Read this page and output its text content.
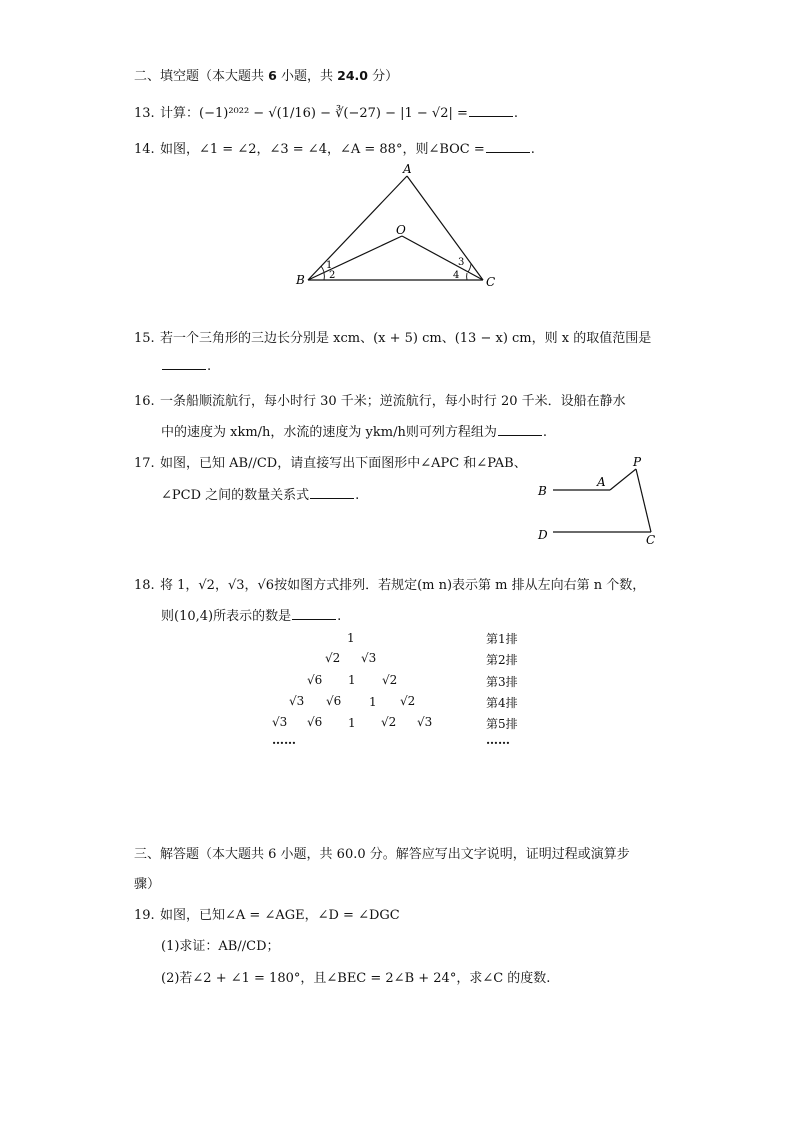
二、填空题（本大题共 6 小题，共 24.0 分）
13. 计算：(−1)²⁰²² − √(1/16) − ∛(−27) − |1 − √2| =	.
14. 如图，∠1 = ∠2，∠3 = ∠4，∠A = 88°，则∠BOC =	.
A
O
B	C
1
2
3
4
15. 若一个三角形的三边长分别是 xcm、(x + 5) cm、(13 − x) cm，则 x 的取值范围是
.
16. 一条船顺流航行，每小时行 30 千米；逆流航行，每小时行 20 千米．设船在静水
中的速度为 xkm/h，水流的速度为 ykm/h则可列方程组为	.
17. 如图，已知 AB//CD，请直接写出下面图形中∠APC 和∠PAB、
∠PCD 之间的数量关系式	.
P
A
B
D	C
18. 将 1，√2，√3，√6按如图方式排列．若规定(m n)表示第 m 排从左向右第 n 个数，
则(10,4)所表示的数是	.
1
√2 √3
√6 1 √2
√3 √6 1 √2
√3 √6 1 √2 √3
……
第1排
第2排
第3排
第4排
第5排
……
三、解答题（本大题共 6 小题，共 60.0 分。解答应写出文字说明，证明过程或演算步
骤）
19. 如图，已知∠A = ∠AGE，∠D = ∠DGC
(1)求证：AB//CD；
(2)若∠2 + ∠1 = 180°，且∠BEC = 2∠B + 24°，求∠C 的度数.
